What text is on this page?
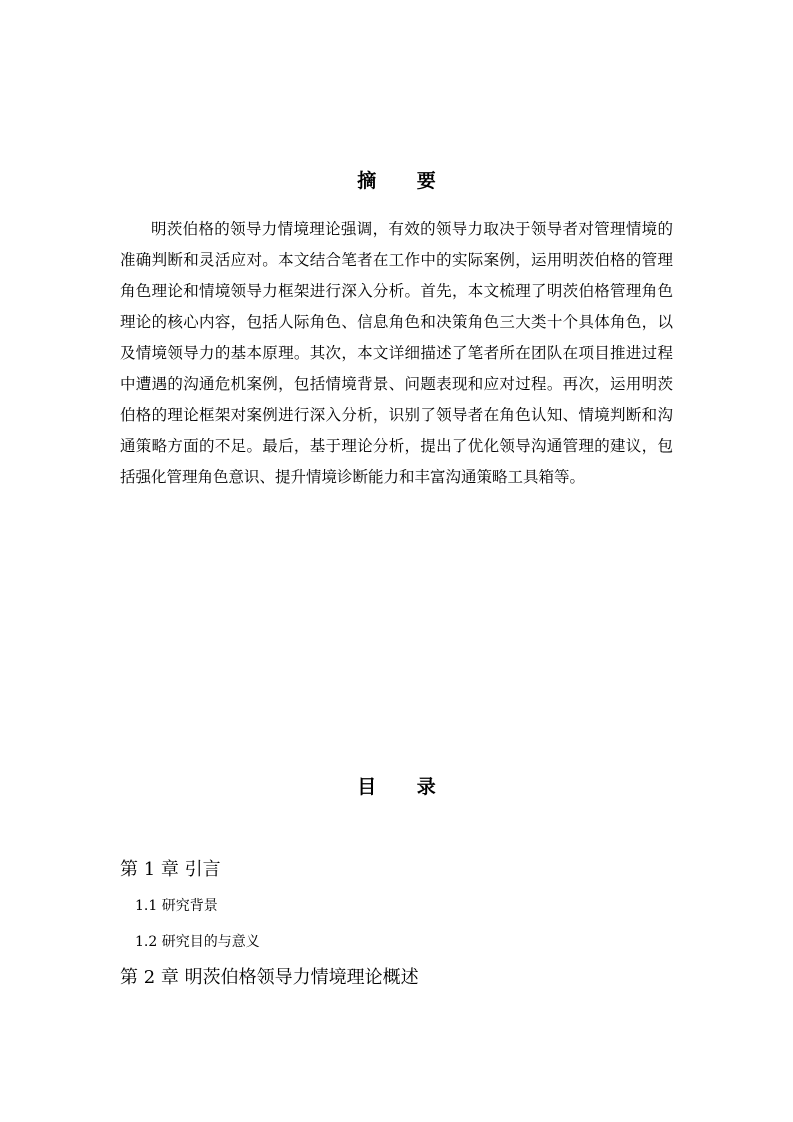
摘 要

明茨伯格的领导力情境理论强调，有效的领导力取决于领导者对管理情境的准确判断和灵活应对。本文结合笔者在工作中的实际案例，运用明茨伯格的管理角色理论和情境领导力框架进行深入分析。首先，本文梳理了明茨伯格管理角色理论的核心内容，包括人际角色、信息角色和决策角色三大类十个具体角色，以及情境领导力的基本原理。其次，本文详细描述了笔者所在团队在项目推进过程中遭遇的沟通危机案例，包括情境背景、问题表现和应对过程。再次，运用明茨伯格的理论框架对案例进行深入分析，识别了领导者在角色认知、情境判断和沟通策略方面的不足。最后，基于理论分析，提出了优化领导沟通管理的建议，包括强化管理角色意识、提升情境诊断能力和丰富沟通策略工具箱等。

目 录
第 1 章 引言
1.1 研究背景
1.2 研究目的与意义
第 2 章 明茨伯格领导力情境理论概述
